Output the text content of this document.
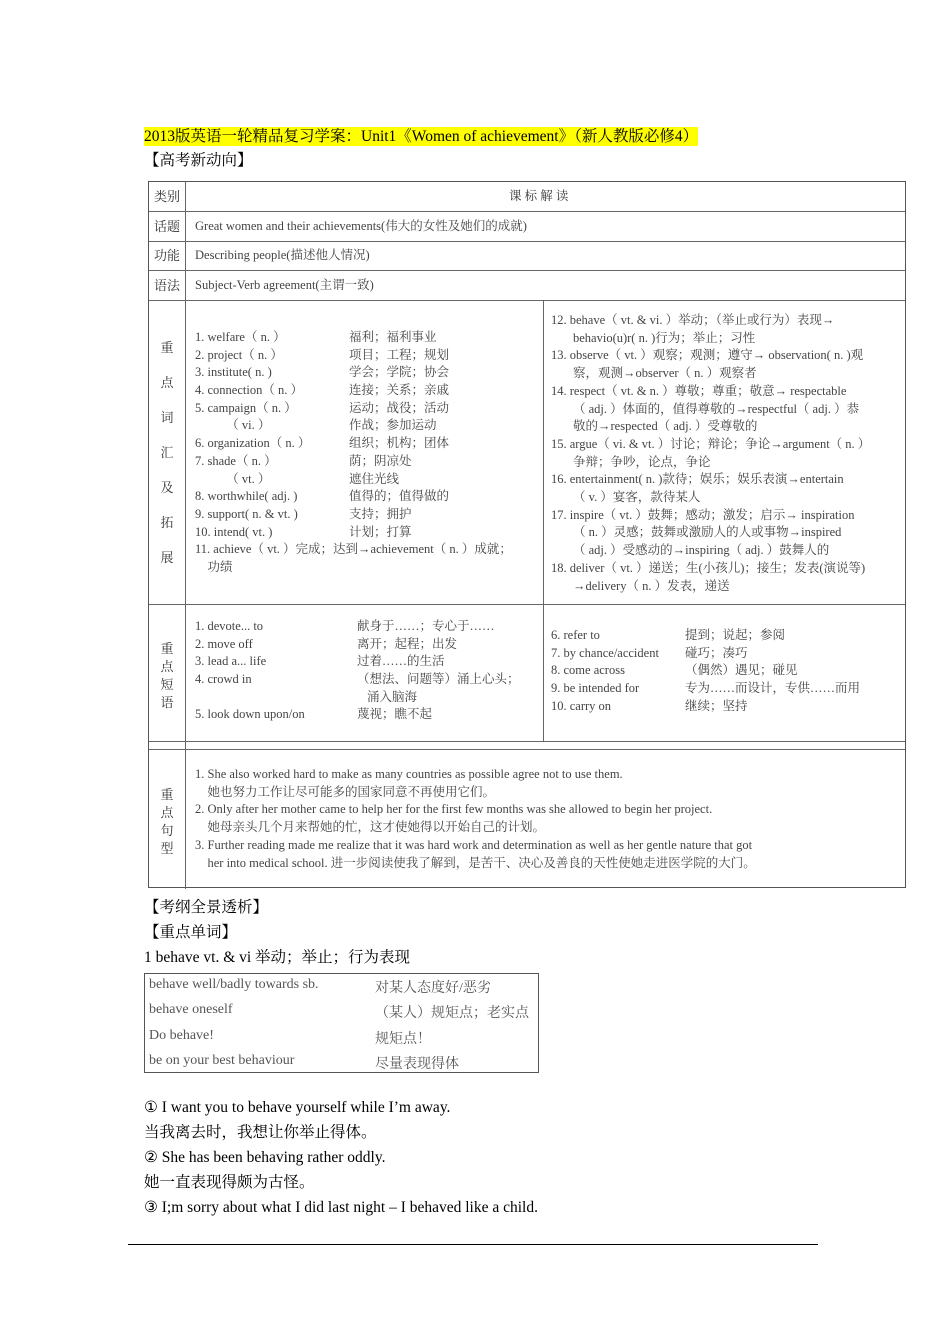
2013版英语一轮精品复习学案：Unit1《Women of achievement》（新人教版必修4）
【高考新动向】
类别	课 标 解 读
话题	Great women and their achievements(伟大的女性及她们的成就)
功能	Describing people(描述他人情况)
语法	Subject-Verb agreement(主谓一致)
重
点
词
汇
及
拓
展
1. welfare（ n. ）	福利；福利事业
2. project（ n. ）	项目；工程；规划
3. institute( n. )	学会；学院；协会
4. connection（ n. ）	连接；关系；亲戚
5. campaign（ n. ）	运动；战役；活动
　　　（ vi. ）	作战；参加运动
6. organization（ n. ）	组织；机构；团体
7. shade（ n. ）	荫；阴凉处
　　　（ vt. ）	遮住光线
8. worthwhile( adj. )	值得的；值得做的
9. support( n. & vt. )	支持；拥护
10. intend( vt. )	计划；打算
11. achieve（ vt. ）完成；达到→achievement（ n. ）成就；
　功绩
12. behave（ vt. & vi. ）举动；（举止或行为）表现→
behavio(u)r( n. )行为；举止；习性
13. observe（ vt. ）观察；观测；遵守→ observation( n. )观
察，观测→observer（ n. ）观察者
14. respect（ vt. & n. ）尊敬；尊重；敬意→ respectable
（ adj. ）体面的，值得尊敬的→respectful（ adj. ）恭
敬的→respected（ adj. ）受尊敬的
15. argue（ vi. & vt. ）讨论；辩论；争论→argument（ n. ）
争辩；争吵，论点，争论
16. entertainment( n. )款待；娱乐；娱乐表演→entertain
（ v. ）宴客，款待某人
17. inspire（ vt. ）鼓舞；感动；激发；启示→ inspiration
（ n. ）灵感；鼓舞或激励人的人或事物→inspired
（ adj. ）受感动的→inspiring（ adj. ）鼓舞人的
18. deliver（ vt. ）递送；生(小孩儿)；接生；发表(演说等)
→delivery（ n. ）发表，递送
重
点
短
语
1. devote... to	献身于……；专心于……
2. move off	离开；起程；出发
3. lead a... life	过着……的生活
4. crowd in	（想法、问题等）涌上心头；
涌入脑海
5. look down upon/on	蔑视；瞧不起
6. refer to	提到；说起；参阅
7. by chance/accident 碰巧；凑巧
8. come across	（偶然）遇见；碰见
9. be intended for	专为……而设计，专供……而用
10. carry on	继续；坚持
重
点
句
型
1. She also worked hard to make as many countries as possible agree not to use them.
　她也努力工作让尽可能多的国家同意不再使用它们。
2. Only after her mother came to help her for the first few months was she allowed to begin her project.
　她母亲头几个月来帮她的忙，这才使她得以开始自己的计划。
3. Further reading made me realize that it was hard work and determination as well as her gentle nature that got
　her into medical school. 进一步阅读使我了解到，是苦干、决心及善良的天性使她走进医学院的大门。
【考纲全景透析】
【重点单词】
1 behave vt. & vi 举动；举止；行为表现
behave well/badly towards sb.	对某人态度好/恶劣
behave oneself	（某人）规矩点；老实点
Do behave!	规矩点！
be on your best behaviour	尽量表现得体
① I want you to behave yourself while I’m away.
当我离去时，我想让你举止得体。
② She has been behaving rather oddly.
她一直表现得颇为古怪。
③ I;m sorry about what I did last night – I behaved like a child.
